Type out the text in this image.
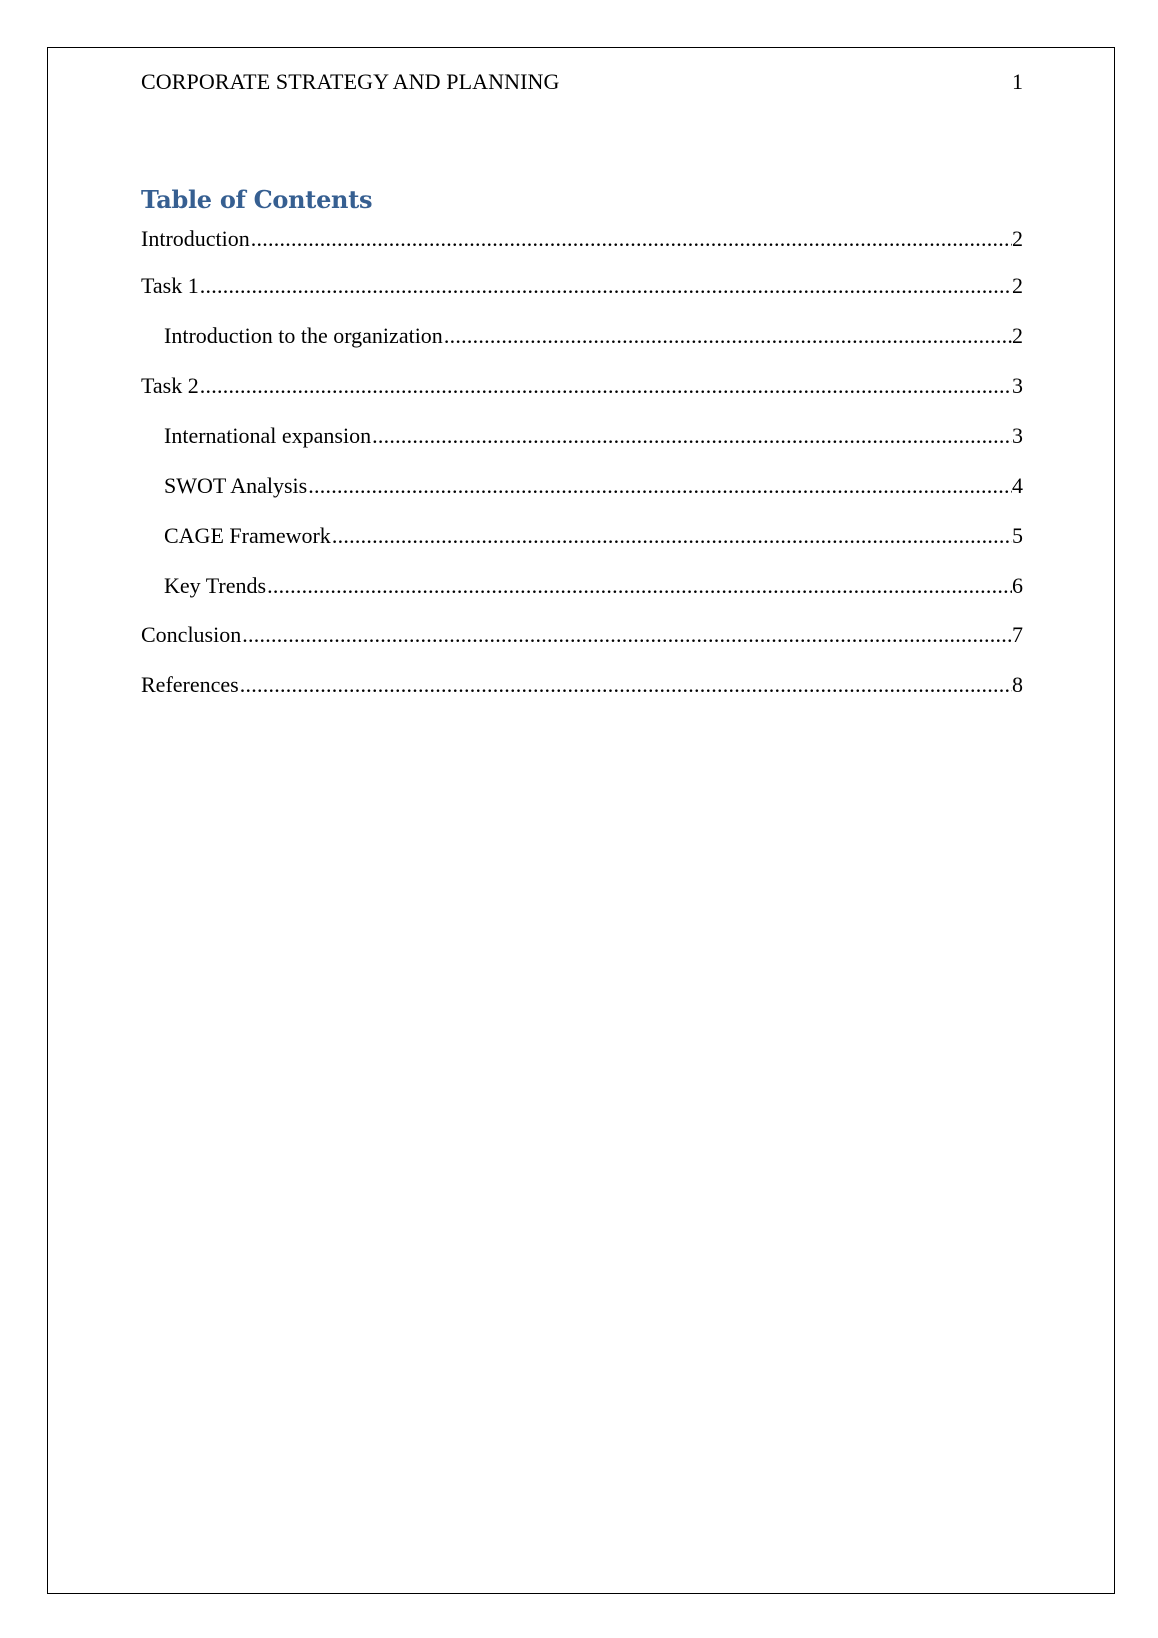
CORPORATE STRATEGY AND PLANNING	1
Table of Contents
Introduction .....	2
Task 1 .....	2
Introduction to the organization .....	2
Task 2 .....	3
International expansion .....	3
SWOT Analysis .....	4
CAGE Framework .....	5
Key Trends .....	6
Conclusion .....	7
References .....	8
